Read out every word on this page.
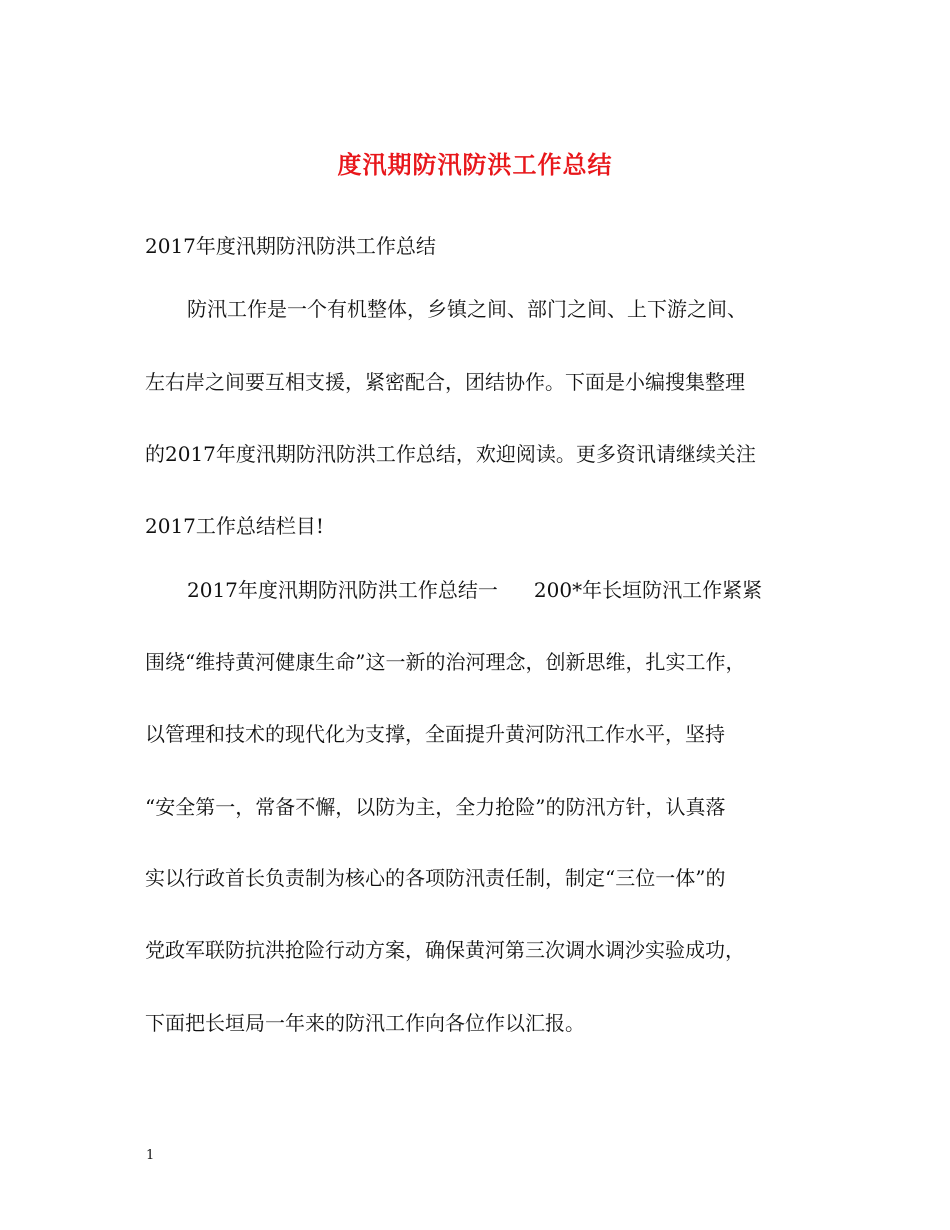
度汛期防汛防洪工作总结
2017年度汛期防汛防洪工作总结
防汛工作是一个有机整体，乡镇之间、部门之间、上下游之间、
左右岸之间要互相支援，紧密配合，团结协作。下面是小编搜集整理
的2017年度汛期防汛防洪工作总结，欢迎阅读。更多资讯请继续关注
2017工作总结栏目!
2017年度汛期防汛防洪工作总结一 200*年长垣防汛工作紧紧
围绕“维持黄河健康生命”这一新的治河理念，创新思维，扎实工作，
以管理和技术的现代化为支撑，全面提升黄河防汛工作水平，坚持
“安全第一，常备不懈，以防为主，全力抢险”的防汛方针，认真落
实以行政首长负责制为核心的各项防汛责任制，制定“三位一体”的
党政军联防抗洪抢险行动方案，确保黄河第三次调水调沙实验成功，
下面把长垣局一年来的防汛工作向各位作以汇报。
1
